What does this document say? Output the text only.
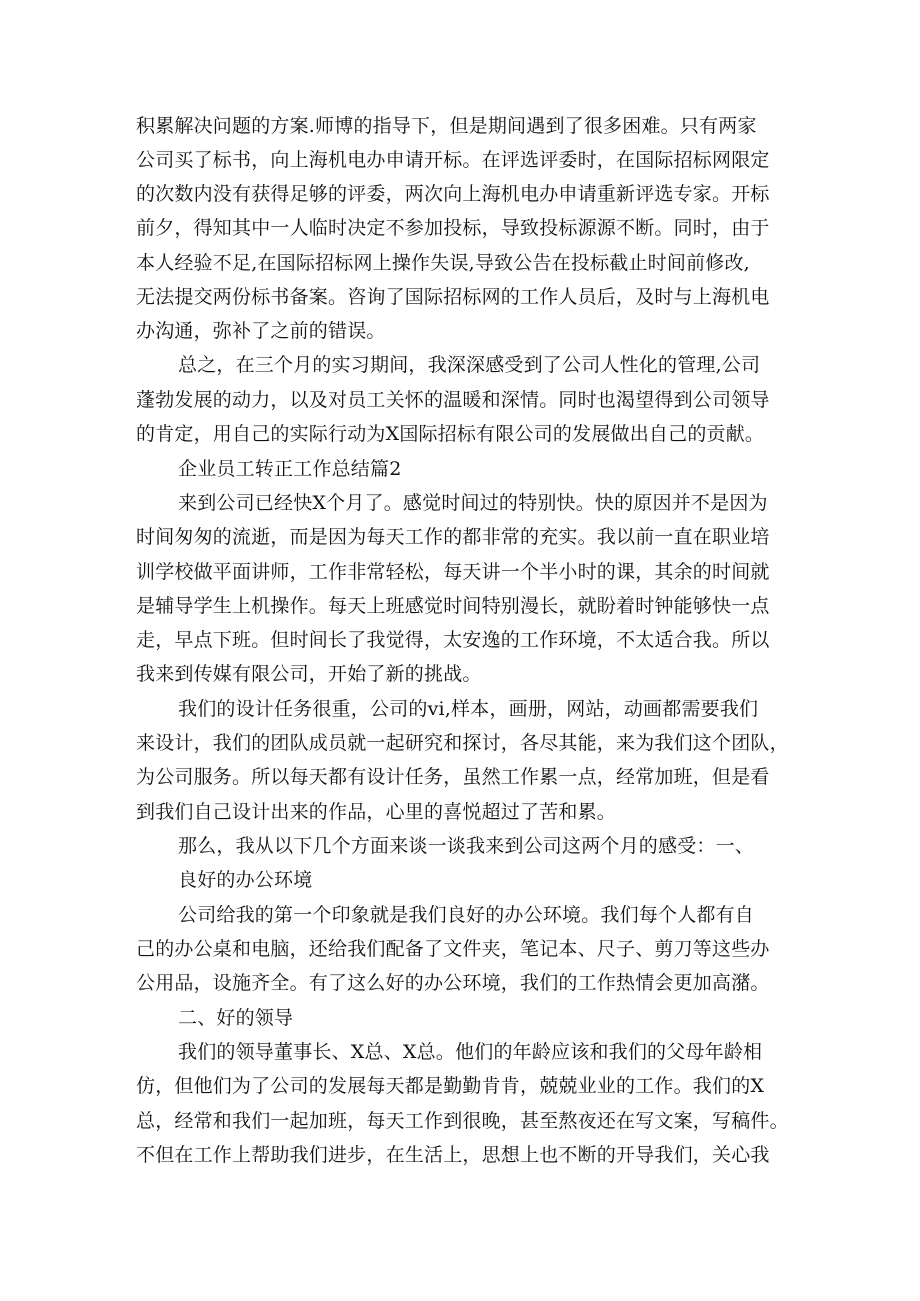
积累解决问题的方案.师博的指导下，但是期间遇到了很多困难。只有两家
公司买了标书，向上海机电办申请开标。在评选评委时，在国际招标网限定
的次数内没有获得足够的评委，两次向上海机电办申请重新评选专家。开标
前夕，得知其中一人临时决定不参加投标，导致投标源源不断。同时，由于
本人经验不足,在国际招标网上操作失误,导致公告在投标截止时间前修改,
无法提交两份标书备案。咨询了国际招标网的工作人员后，及时与上海机电
办沟通，弥补了之前的错误。
总之，在三个月的实习期间，我深深感受到了公司人性化的管理,公司
蓬勃发展的动力，以及对员工关怀的温暖和深情。同时也渴望得到公司领导
的肯定，用自己的实际行动为X国际招标有限公司的发展做出自己的贡献。
企业员工转正工作总结篇2
来到公司已经快X个月了。感觉时间过的特别快。快的原因并不是因为
时间匆匆的流逝，而是因为每天工作的都非常的充实。我以前一直在职业培
训学校做平面讲师，工作非常轻松，每天讲一个半小时的课，其余的时间就
是辅导学生上机操作。每天上班感觉时间特别漫长，就盼着时钟能够快一点
走，早点下班。但时间长了我觉得，太安逸的工作环境，不太适合我。所以
我来到传媒有限公司，开始了新的挑战。
我们的设计任务很重，公司的vi,样本，画册，网站，动画都需要我们
来设计，我们的团队成员就一起研究和探讨，各尽其能，来为我们这个团队，
为公司服务。所以每天都有设计任务，虽然工作累一点，经常加班，但是看
到我们自己设计出来的作品，心里的喜悦超过了苦和累。
那么，我从以下几个方面来谈一谈我来到公司这两个月的感受：一、
良好的办公环境
公司给我的第一个印象就是我们良好的办公环境。我们每个人都有自
己的办公桌和电脑，还给我们配备了文件夹，笔记本、尺子、剪刀等这些办
公用品，设施齐全。有了这么好的办公环境，我们的工作热情会更加高潴。
二、好的领导
我们的领导董事长、X总、X总。他们的年龄应该和我们的父母年龄相
仿，但他们为了公司的发展每天都是勤勤肯肯，兢兢业业的工作。我们的X
总，经常和我们一起加班，每天工作到很晚，甚至熬夜还在写文案，写稿件。
不但在工作上帮助我们进步，在生活上，思想上也不断的开导我们，关心我
